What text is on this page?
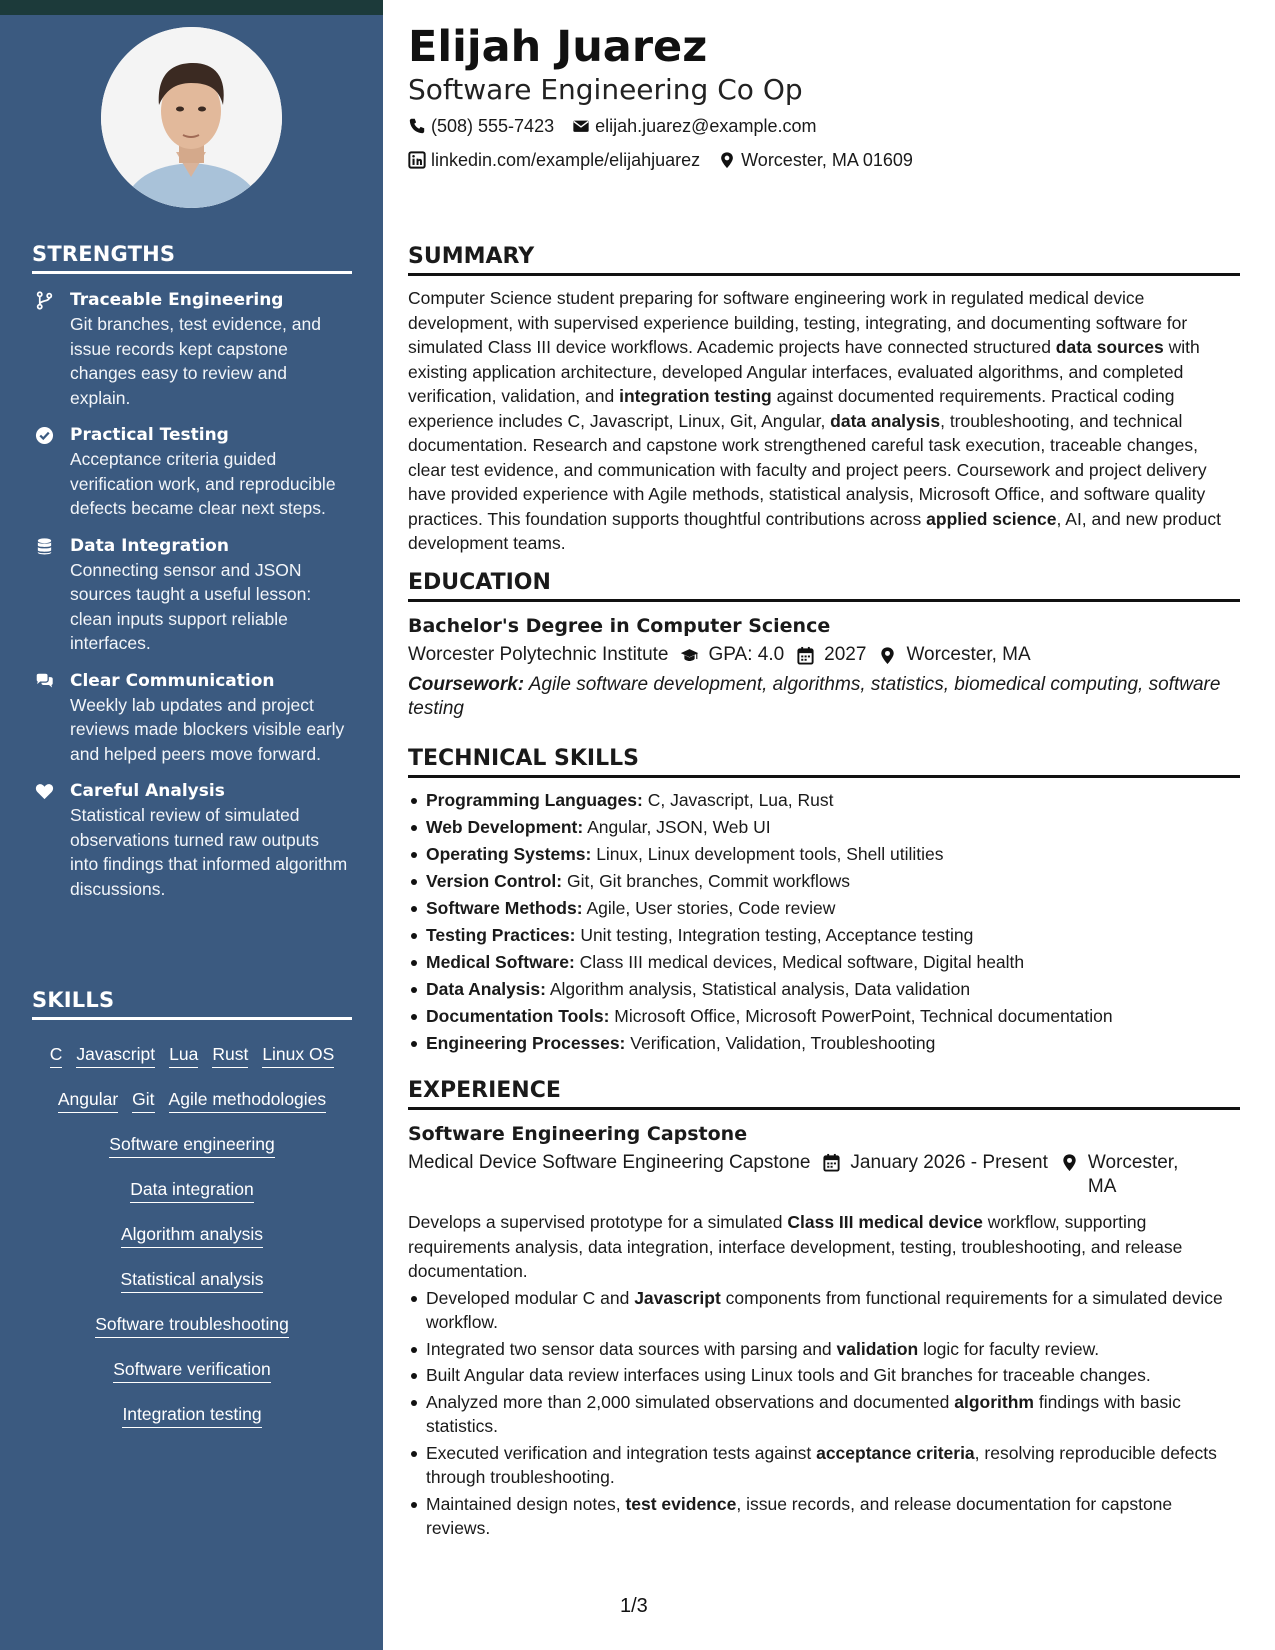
STRENGTHS
Traceable Engineering
Git branches, test evidence, and issue records kept capstone changes easy to review and explain.
Practical Testing
Acceptance criteria guided verification work, and reproducible defects became clear next steps.
Data Integration
Connecting sensor and JSON sources taught a useful lesson: clean inputs support reliable interfaces.
Clear Communication
Weekly lab updates and project reviews made blockers visible early and helped peers move forward.
Careful Analysis
Statistical review of simulated observations turned raw outputs into findings that informed algorithm discussions.
SKILLS
C Javascript Lua Rust Linux OS
Angular Git Agile methodologies
Software engineering
Data integration
Algorithm analysis
Statistical analysis
Software troubleshooting
Software verification
Integration testing
Elijah Juarez
Software Engineering Co Op
(508) 555-7423 elijah.juarez@example.com
linkedin.com/example/elijahjuarez Worcester, MA 01609
SUMMARY
Computer Science student preparing for software engineering work in regulated medical device development, with supervised experience building, testing, integrating, and documenting software for simulated Class III device workflows. Academic projects have connected structured data sources with existing application architecture, developed Angular interfaces, evaluated algorithms, and completed verification, validation, and integration testing against documented requirements. Practical coding experience includes C, Javascript, Linux, Git, Angular, data analysis, troubleshooting, and technical documentation. Research and capstone work strengthened careful task execution, traceable changes, clear test evidence, and communication with faculty and project peers. Coursework and project delivery have provided experience with Agile methods, statistical analysis, Microsoft Office, and software quality practices. This foundation supports thoughtful contributions across applied science, AI, and new product development teams.
EDUCATION
Bachelor's Degree in Computer Science
Worcester Polytechnic Institute GPA: 4.0 2027 Worcester, MA
Coursework: Agile software development, algorithms, statistics, biomedical computing, software testing
TECHNICAL SKILLS
Programming Languages: C, Javascript, Lua, Rust
Web Development: Angular, JSON, Web UI
Operating Systems: Linux, Linux development tools, Shell utilities
Version Control: Git, Git branches, Commit workflows
Software Methods: Agile, User stories, Code review
Testing Practices: Unit testing, Integration testing, Acceptance testing
Medical Software: Class III medical devices, Medical software, Digital health
Data Analysis: Algorithm analysis, Statistical analysis, Data validation
Documentation Tools: Microsoft Office, Microsoft PowerPoint, Technical documentation
Engineering Processes: Verification, Validation, Troubleshooting
EXPERIENCE
Software Engineering Capstone
Medical Device Software Engineering Capstone January 2026 - Present Worcester, MA
Develops a supervised prototype for a simulated Class III medical device workflow, supporting requirements analysis, data integration, interface development, testing, troubleshooting, and release documentation.
Developed modular C and Javascript components from functional requirements for a simulated device workflow.
Integrated two sensor data sources with parsing and validation logic for faculty review.
Built Angular data review interfaces using Linux tools and Git branches for traceable changes.
Analyzed more than 2,000 simulated observations and documented algorithm findings with basic statistics.
Executed verification and integration tests against acceptance criteria, resolving reproducible defects through troubleshooting.
Maintained design notes, test evidence, issue records, and release documentation for capstone reviews.
1/3
